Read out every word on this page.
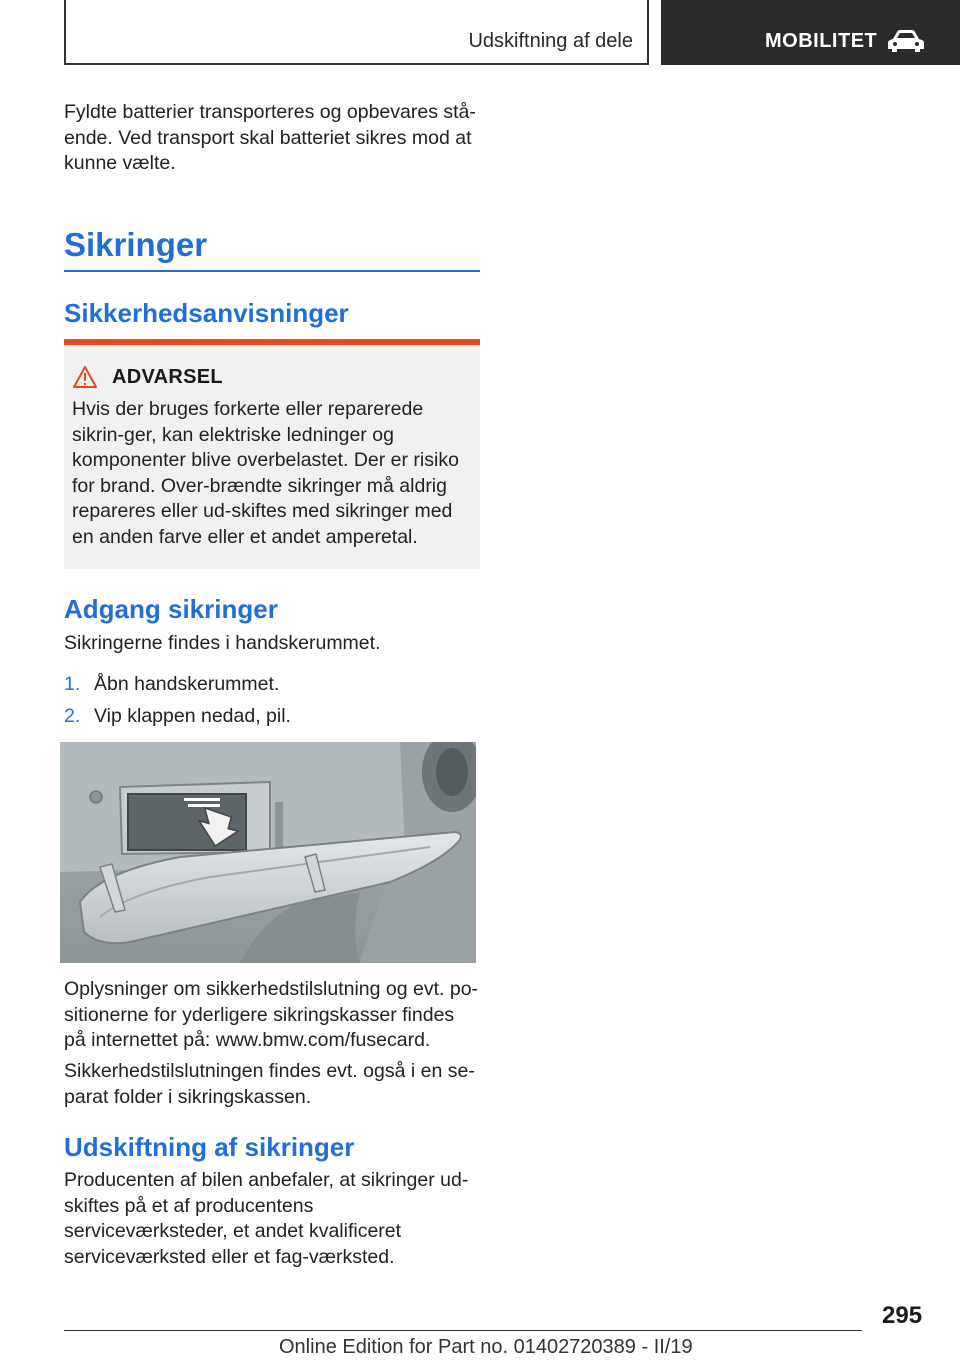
Udskiftning af dele	MOBILITET

Fyldte batterier transporteres og opbevares stå-ende. Ved transport skal batteriet sikres mod at kunne vælte.

Sikringer
Sikkerhedsanvisninger
ADVARSEL

Hvis der bruges forkerte eller reparerede sikrin-ger, kan elektriske ledninger og komponenter blive overbelastet. Der er risiko for brand. Over-brændte sikringer må aldrig repareres eller ud-skiftes med sikringer med en anden farve eller et andet amperetal.

Adgang sikringer

Sikringerne findes i handskerummet.

1. Åbn handskerummet.
2. Vip klappen nedad, pil.

Oplysninger om sikkerhedstilslutning og evt. po-sitionerne for yderligere sikringskasser findes på internettet på: www.bmw.com/fusecard.

Sikkerhedstilslutningen findes evt. også i en se-parat folder i sikringskassen.

Udskiftning af sikringer

Producenten af bilen anbefaler, at sikringer ud-skiftes på et af producentens serviceværksteder, et andet kvalificeret serviceværksted eller et fag-værksted.

295
Online Edition for Part no. 01402720389 - II/19
